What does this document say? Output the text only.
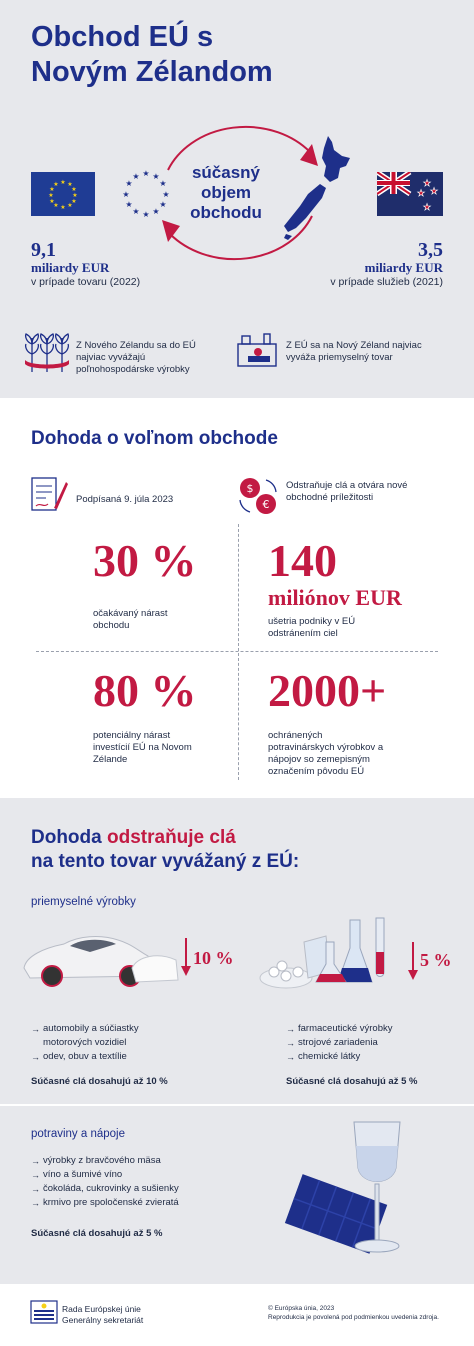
Obchod EÚ s
Novým Zélandom
★ ★
★
★
★
★
★
★
★
★
★
★
★ ★
★
★
★
★
★
★
★
★
★
★	súčasný
objem
obchodu
★
★ ★
★
9,1
miliardy EUR
v prípade tovaru (2022)
3,5
miliardy EUR
v prípade služieb (2021)
Z Nového Zélandu sa do EÚ najviac vyvážajú poľnohospodárske výrobky
Z EÚ sa na Nový Zéland najviac vyváža priemyselný tovar
Dohoda o voľnom obchode
Podpísaná 9. júla 2023
$
€
Odstraňuje clá a otvára nové obchodné príležitosti
30 %
očakávaný nárast obchodu
140
miliónov EUR
ušetria podniky v EÚ odstránením ciel
80 %
potenciálny nárast investícií EÚ na Novom Zélande
2000+
ochránených potravinárskych výrobkov a nápojov so zemepisným označením pôvodu EÚ
Dohoda odstraňuje clá
na tento tovar vyvážaný z EÚ:
priemyselné výrobky
10 %	5 %
→ automobily a súčiastky motorových vozidiel
→ odev, obuv a textílie
Súčasné clá dosahujú až 10 %
→ farmaceutické výrobky
→ strojové zariadenia
→ chemické látky
Súčasné clá dosahujú až 5 %
potraviny a nápoje
→ výrobky z bravčového mäsa
→ víno a šumivé víno
→ čokoláda, cukrovinky a sušienky
→ krmivo pre spoločenské zvieratá
Súčasné clá dosahujú až 5 %
Rada Európskej únie
Generálny sekretariát
© Európska únia, 2023
Reprodukcia je povolená pod podmienkou uvedenia zdroja.
